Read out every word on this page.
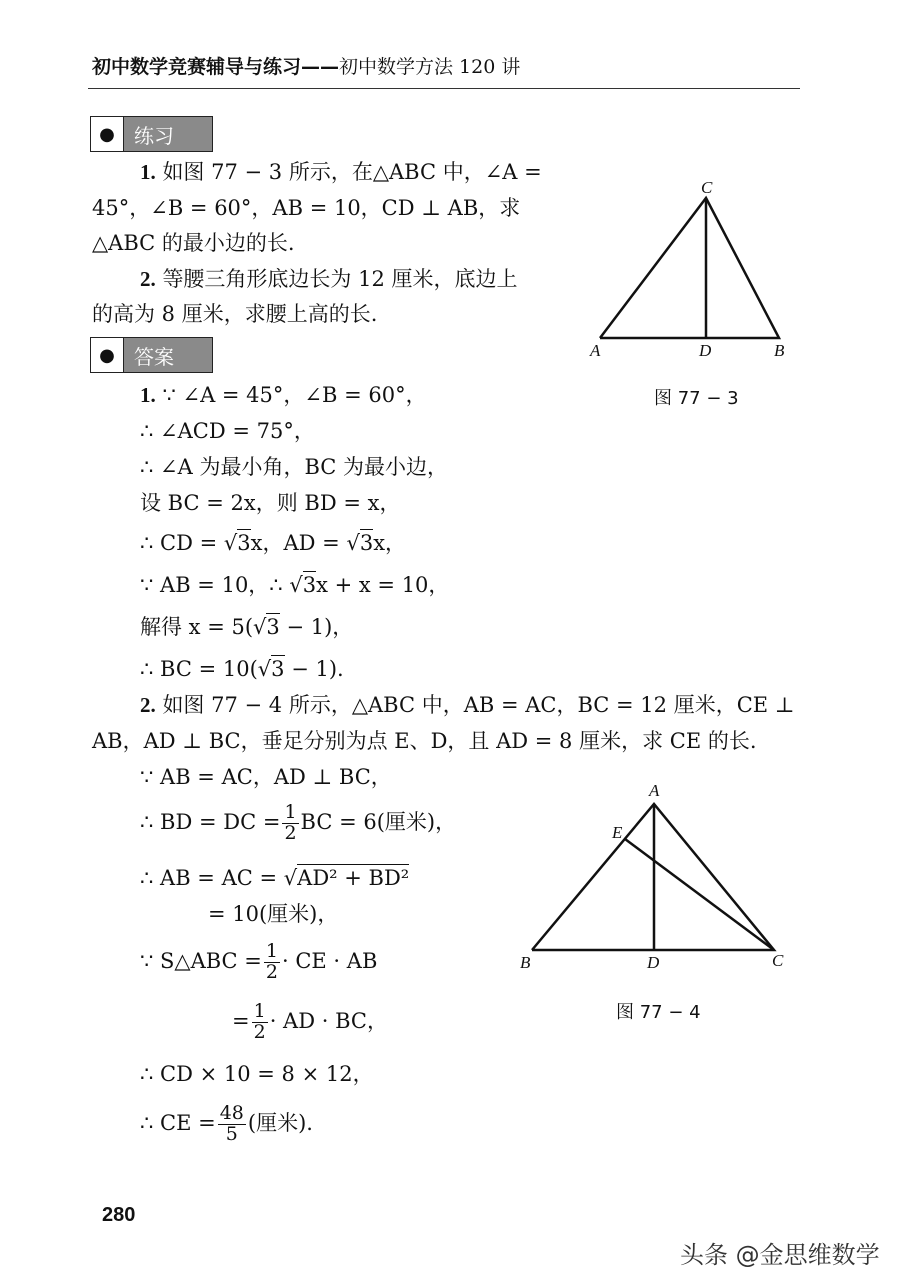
初中数学竞赛辅导与练习——初中数学方法 120 讲
● 练习
1. 如图 77 − 3 所示，在△ABC 中，∠A =
45°，∠B = 60°，AB = 10，CD ⊥ AB，求
△ABC 的最小边的长.
2. 等腰三角形底边长为 12 厘米，底边上
的高为 8 厘米，求腰上高的长.
C
A	D	B
图 77 − 3
● 答案
1. ∵ ∠A = 45°，∠B = 60°，
∴ ∠ACD = 75°，
∴ ∠A 为最小角，BC 为最小边，
设 BC = 2x，则 BD = x，
∴ CD = √3x，AD = √3x，
∵ AB = 10，∴ √3x + x = 10，
解得 x = 5(√3 − 1)，
∴ BC = 10(√3 − 1).
2. 如图 77 − 4 所示，△ABC 中，AB = AC，BC = 12 厘米，CE ⊥
AB，AD ⊥ BC，垂足分别为点 E、D，且 AD = 8 厘米，求 CE 的长.
∵ AB = AC，AD ⊥ BC，
∴ BD = DC = $\frac{1}{2}$ BC = 6(厘米)，
∴ AB = AC = √AD² + BD²
= 10(厘米)，
∵ S△ABC = $\frac{1}{2}$ · CE · AB
= $\frac{1}{2}$ · AD · BC，
∴ CD × 10 = 8 × 12，
∴ CE = $\frac{48}{5}$ (厘米).
A
E
B	D	C
图 77 − 4
280
头条 @金思维数学
